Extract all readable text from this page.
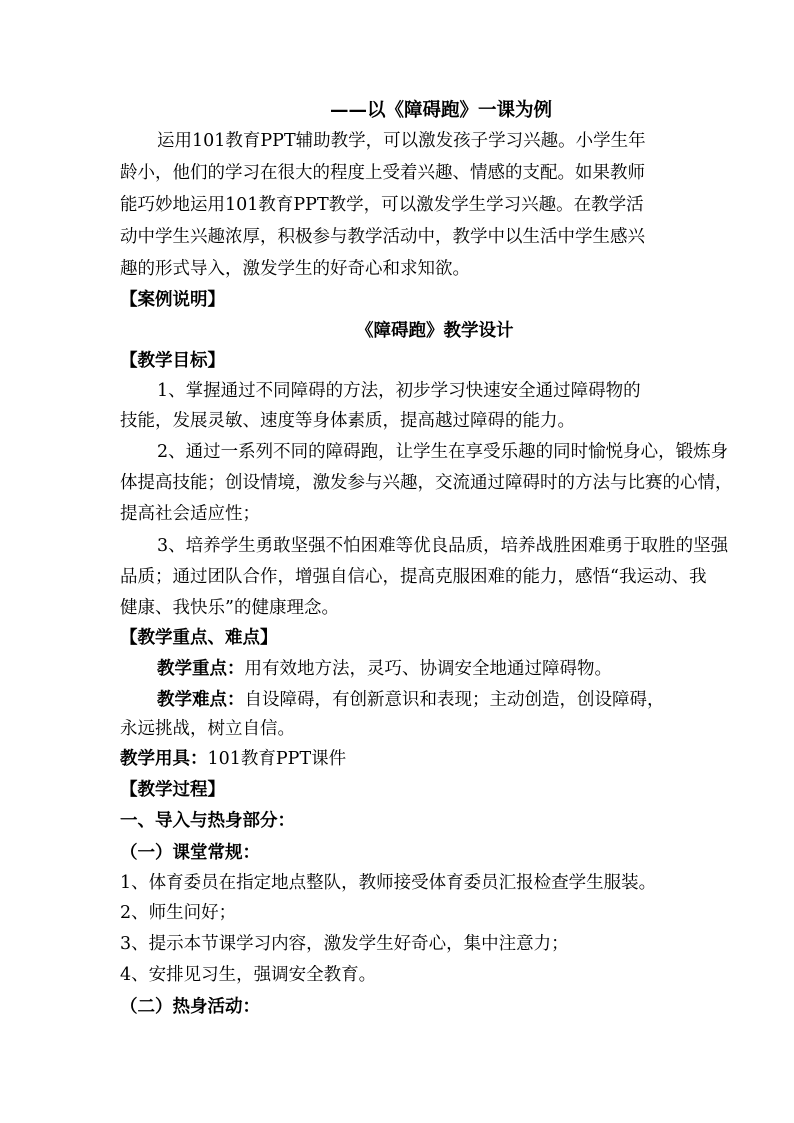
——以《障碍跑》一课为例
运用101教育PPT辅助教学，可以激发孩子学习兴趣。小学生年
龄小，他们的学习在很大的程度上受着兴趣、情感的支配。如果教师
能巧妙地运用101教育PPT教学，可以激发学生学习兴趣。在教学活
动中学生兴趣浓厚，积极参与教学活动中，教学中以生活中学生感兴
趣的形式导入，激发学生的好奇心和求知欲。
【案例说明】
《障碍跑》教学设计
【教学目标】
1、掌握通过不同障碍的方法，初步学习快速安全通过障碍物的
技能，发展灵敏、速度等身体素质，提高越过障碍的能力。
2、通过一系列不同的障碍跑，让学生在享受乐趣的同时愉悦身心，锻炼身
体提高技能；创设情境，激发参与兴趣，交流通过障碍时的方法与比赛的心情，
提高社会适应性；
3、培养学生勇敢坚强不怕困难等优良品质，培养战胜困难勇于取胜的坚强
品质；通过团队合作，增强自信心，提高克服困难的能力，感悟“我运动、我
健康、我快乐”的健康理念。
【教学重点、难点】
教学重点：用有效地方法，灵巧、协调安全地通过障碍物。
教学难点：自设障碍，有创新意识和表现；主动创造，创设障碍，
永远挑战，树立自信。
教学用具：101教育PPT课件
【教学过程】
一、导入与热身部分：
（一）课堂常规：
1、体育委员在指定地点整队，教师接受体育委员汇报检查学生服装。
2、师生问好；
3、提示本节课学习内容，激发学生好奇心，集中注意力；
4、安排见习生，强调安全教育。
（二）热身活动：
